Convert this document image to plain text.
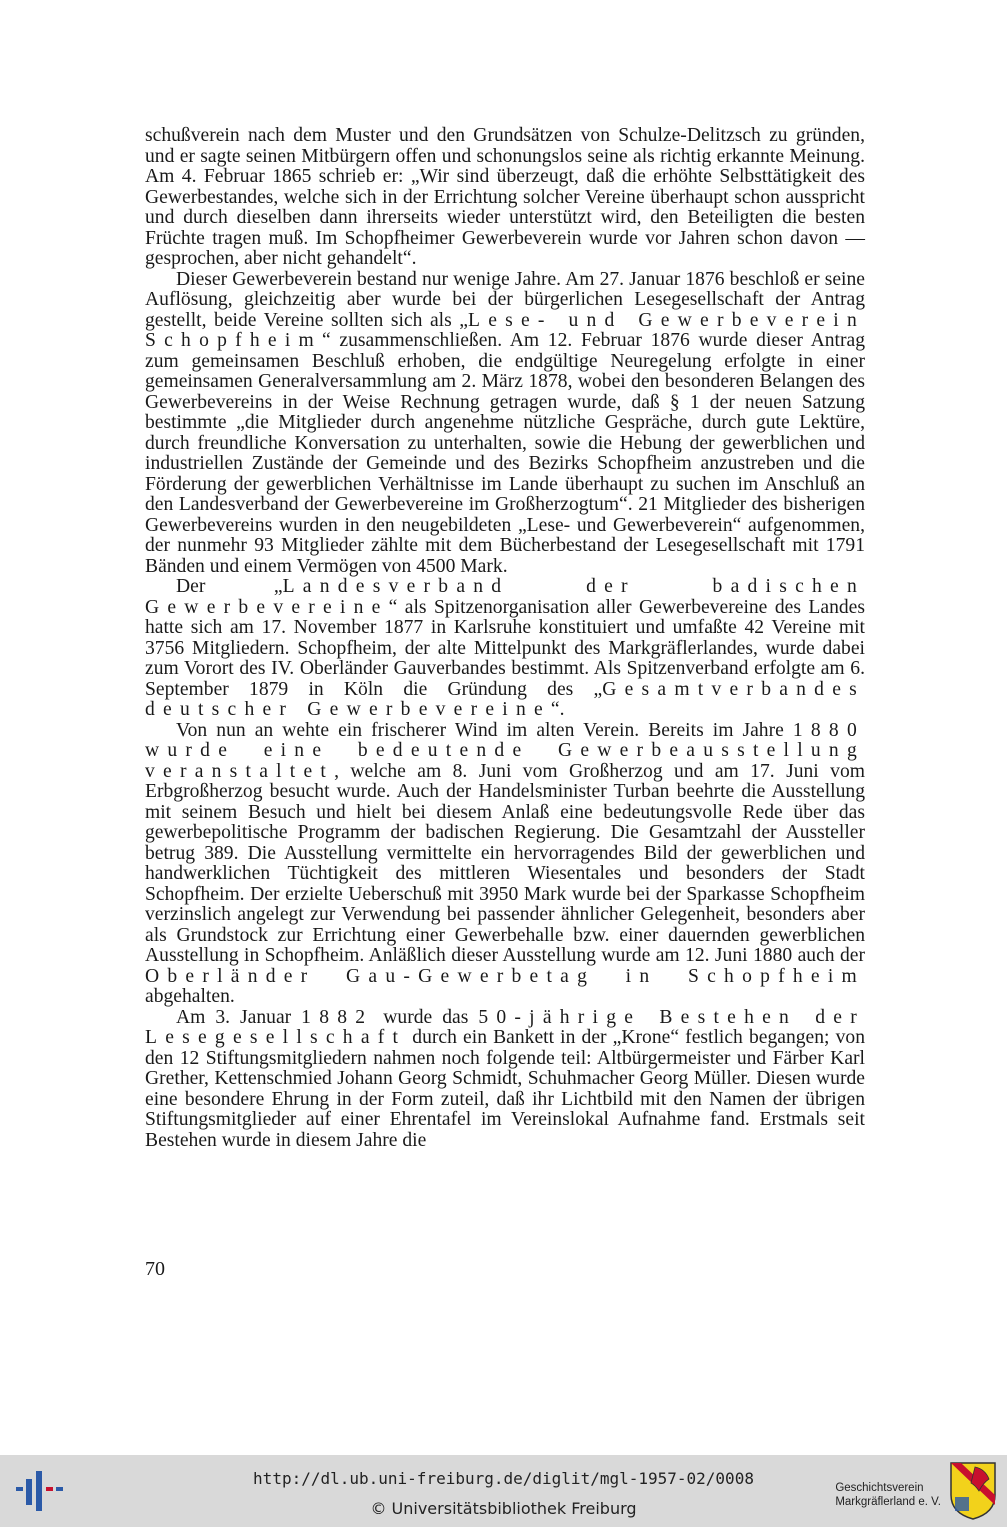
schußverein nach dem Muster und den Grundsätzen von Schulze-Delitzsch zu gründen, und er sagte seinen Mitbürgern offen und schonungslos seine als richtig erkannte Meinung. Am 4. Februar 1865 schrieb er: „Wir sind überzeugt, daß die erhöhte Selbsttätigkeit des Gewerbestandes, welche sich in der Errichtung solcher Vereine überhaupt schon ausspricht und durch dieselben dann ihrerseits wieder unterstützt wird, den Beteiligten die besten Früchte tragen muß. Im Schopfheimer Gewerbeverein wurde vor Jahren schon davon — gesprochen, aber nicht gehandelt“.

Dieser Gewerbeverein bestand nur wenige Jahre. Am 27. Januar 1876 beschloß er seine Auflösung, gleichzeitig aber wurde bei der bürgerlichen Lesegesellschaft der Antrag gestellt, beide Vereine sollten sich als „Lese- und Gewerbeverein Schopfheim“ zusammenschließen. Am 12. Februar 1876 wurde dieser Antrag zum gemeinsamen Beschluß erhoben, die endgültige Neuregelung erfolgte in einer gemeinsamen Generalversammlung am 2. März 1878, wobei den besonderen Belangen des Gewerbevereins in der Weise Rechnung getragen wurde, daß § 1 der neuen Satzung bestimmte „die Mitglieder durch angenehme nützliche Gespräche, durch gute Lektüre, durch freundliche Konversation zu unterhalten, sowie die Hebung der gewerblichen und industriellen Zustände der Gemeinde und des Bezirks Schopfheim anzustreben und die Förderung der gewerblichen Verhältnisse im Lande überhaupt zu suchen im Anschluß an den Landesverband der Gewerbevereine im Großherzogtum“. 21 Mitglieder des bisherigen Gewerbevereins wurden in den neugebildeten „Lese- und Gewerbeverein“ aufgenommen, der nunmehr 93 Mitglieder zählte mit dem Bücherbestand der Lesegesellschaft mit 1791 Bänden und einem Vermögen von 4500 Mark.

Der „Landesverband der badischen Gewerbevereine“ als Spitzenorganisation aller Gewerbevereine des Landes hatte sich am 17. November 1877 in Karlsruhe konstituiert und umfaßte 42 Vereine mit 3756 Mitgliedern. Schopfheim, der alte Mittelpunkt des Markgräflerlandes, wurde dabei zum Vorort des IV. Oberländer Gauverbandes bestimmt. Als Spitzenverband erfolgte am 6. September 1879 in Köln die Gründung des „Gesamtverbandes deutscher Gewerbevereine“.

Von nun an wehte ein frischerer Wind im alten Verein. Bereits im Jahre 1880 wurde eine bedeutende Gewerbeausstellung veranstaltet, welche am 8. Juni vom Großherzog und am 17. Juni vom Erbgroßherzog besucht wurde. Auch der Handelsminister Turban beehrte die Ausstellung mit seinem Besuch und hielt bei diesem Anlaß eine bedeutungsvolle Rede über das gewerbepolitische Programm der badischen Regierung. Die Gesamtzahl der Aussteller betrug 389. Die Ausstellung vermittelte ein hervorragendes Bild der gewerblichen und handwerklichen Tüchtigkeit des mittleren Wiesentales und besonders der Stadt Schopfheim. Der erzielte Ueberschuß mit 3950 Mark wurde bei der Sparkasse Schopfheim verzinslich angelegt zur Verwendung bei passender ähnlicher Gelegenheit, besonders aber als Grundstock zur Errichtung einer Gewerbehalle bzw. einer dauernden gewerblichen Ausstellung in Schopfheim. Anläßlich dieser Ausstellung wurde am 12. Juni 1880 auch der Oberländer Gau-Gewerbetag in Schopfheim abgehalten.

Am 3. Januar 1882 wurde das 50-jährige Bestehen der Lesegesellschaft durch ein Bankett in der „Krone“ festlich begangen; von den 12 Stiftungsmitgliedern nahmen noch folgende teil: Altbürgermeister und Färber Karl Grether, Kettenschmied Johann Georg Schmidt, Schuhmacher Georg Müller. Diesen wurde eine besondere Ehrung in der Form zuteil, daß ihr Lichtbild mit den Namen der übrigen Stiftungsmitglieder auf einer Ehrentafel im Vereinslokal Aufnahme fand. Erstmals seit Bestehen wurde in diesem Jahre die

70
http://dl.ub.uni-freiburg.de/diglit/mgl-1957-02/0008
© Universitätsbibliothek Freiburg
Geschichtsverein
Markgräflerland e. V.
